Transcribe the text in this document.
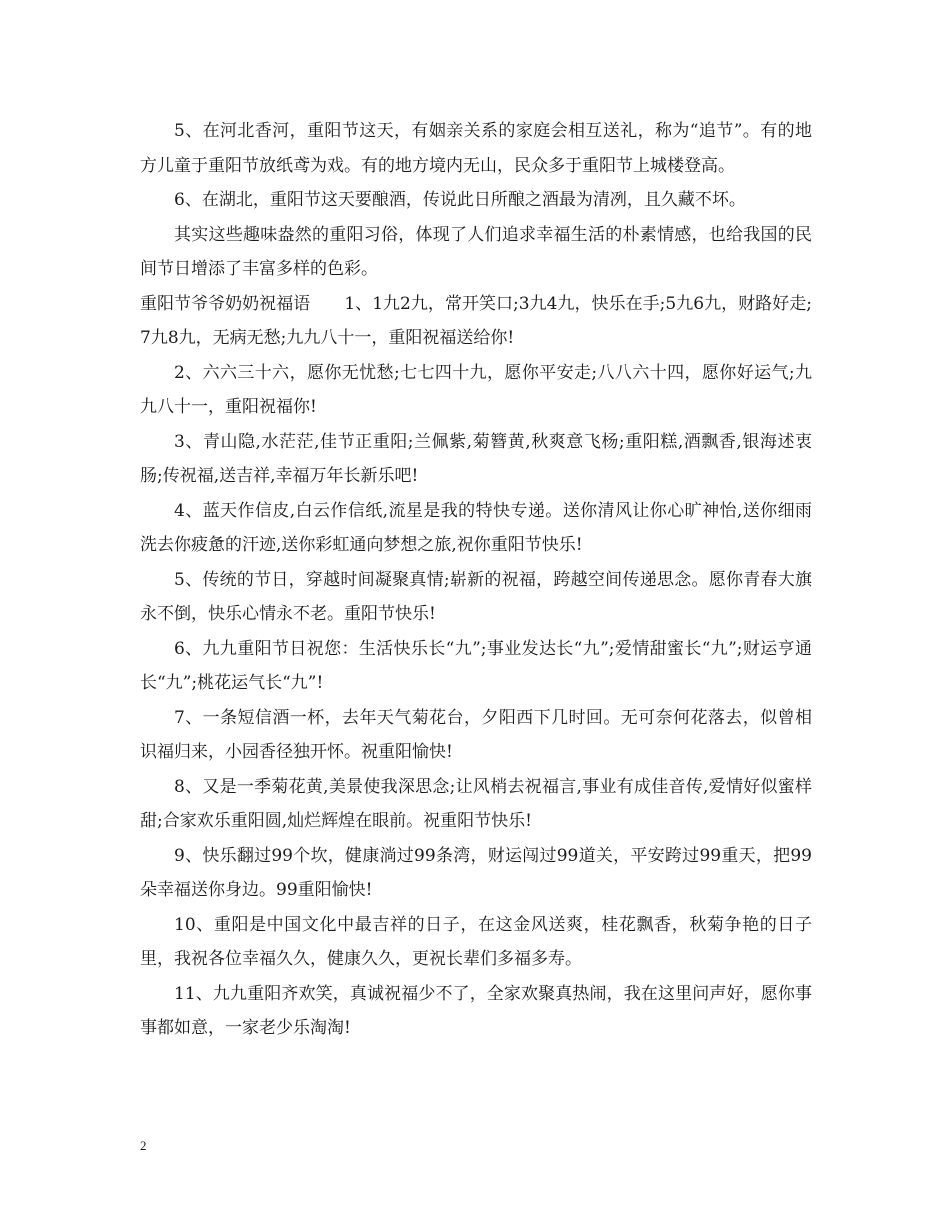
5、在河北香河，重阳节这天，有姻亲关系的家庭会相互送礼，称为“追节”。有的地方儿童于重阳节放纸鸢为戏。有的地方境内无山，民众多于重阳节上城楼登高。

6、在湖北，重阳节这天要酿酒，传说此日所酿之酒最为清冽，且久藏不坏。

其实这些趣味盎然的重阳习俗，体现了人们追求幸福生活的朴素情感，也给我国的民间节日增添了丰富多样的色彩。

重阳节爷爷奶奶祝福语　　1、1九2九，常开笑口;3九4九，快乐在手;5九6九，财路好走;7九8九，无病无愁;九九八十一，重阳祝福送给你!

2、六六三十六，愿你无忧愁;七七四十九，愿你平安走;八八六十四，愿你好运气;九九八十一，重阳祝福你!

3、青山隐,水茫茫,佳节正重阳;兰佩紫,菊簪黄,秋爽意飞杨;重阳糕,酒飘香,银海述衷肠;传祝福,送吉祥,幸福万年长新乐吧!

4、蓝天作信皮,白云作信纸,流星是我的特快专递。送你清风让你心旷神怡,送你细雨洗去你疲惫的汗迹,送你彩虹通向梦想之旅,祝你重阳节快乐!

5、传统的节日，穿越时间凝聚真情;崭新的祝福，跨越空间传递思念。愿你青春大旗永不倒，快乐心情永不老。重阳节快乐!

6、九九重阳节日祝您：生活快乐长“九”;事业发达长“九”;爱情甜蜜长“九”;财运亨通长“九”;桃花运气长“九”!

7、一条短信酒一杯，去年天气菊花台，夕阳西下几时回。无可奈何花落去，似曾相识福归来，小园香径独开怀。祝重阳愉快!

8、又是一季菊花黄,美景使我深思念;让风梢去祝福言,事业有成佳音传,爱情好似蜜样甜;合家欢乐重阳圆,灿烂辉煌在眼前。祝重阳节快乐!

9、快乐翻过99个坎，健康淌过99条湾，财运闯过99道关，平安跨过99重天，把99朵幸福送你身边。99重阳愉快!

10、重阳是中国文化中最吉祥的日子，在这金风送爽，桂花飘香，秋菊争艳的日子里，我祝各位幸福久久，健康久久，更祝长辈们多福多寿。

11、九九重阳齐欢笑，真诚祝福少不了，全家欢聚真热闹，我在这里问声好，愿你事事都如意，一家老少乐淘淘!

2
